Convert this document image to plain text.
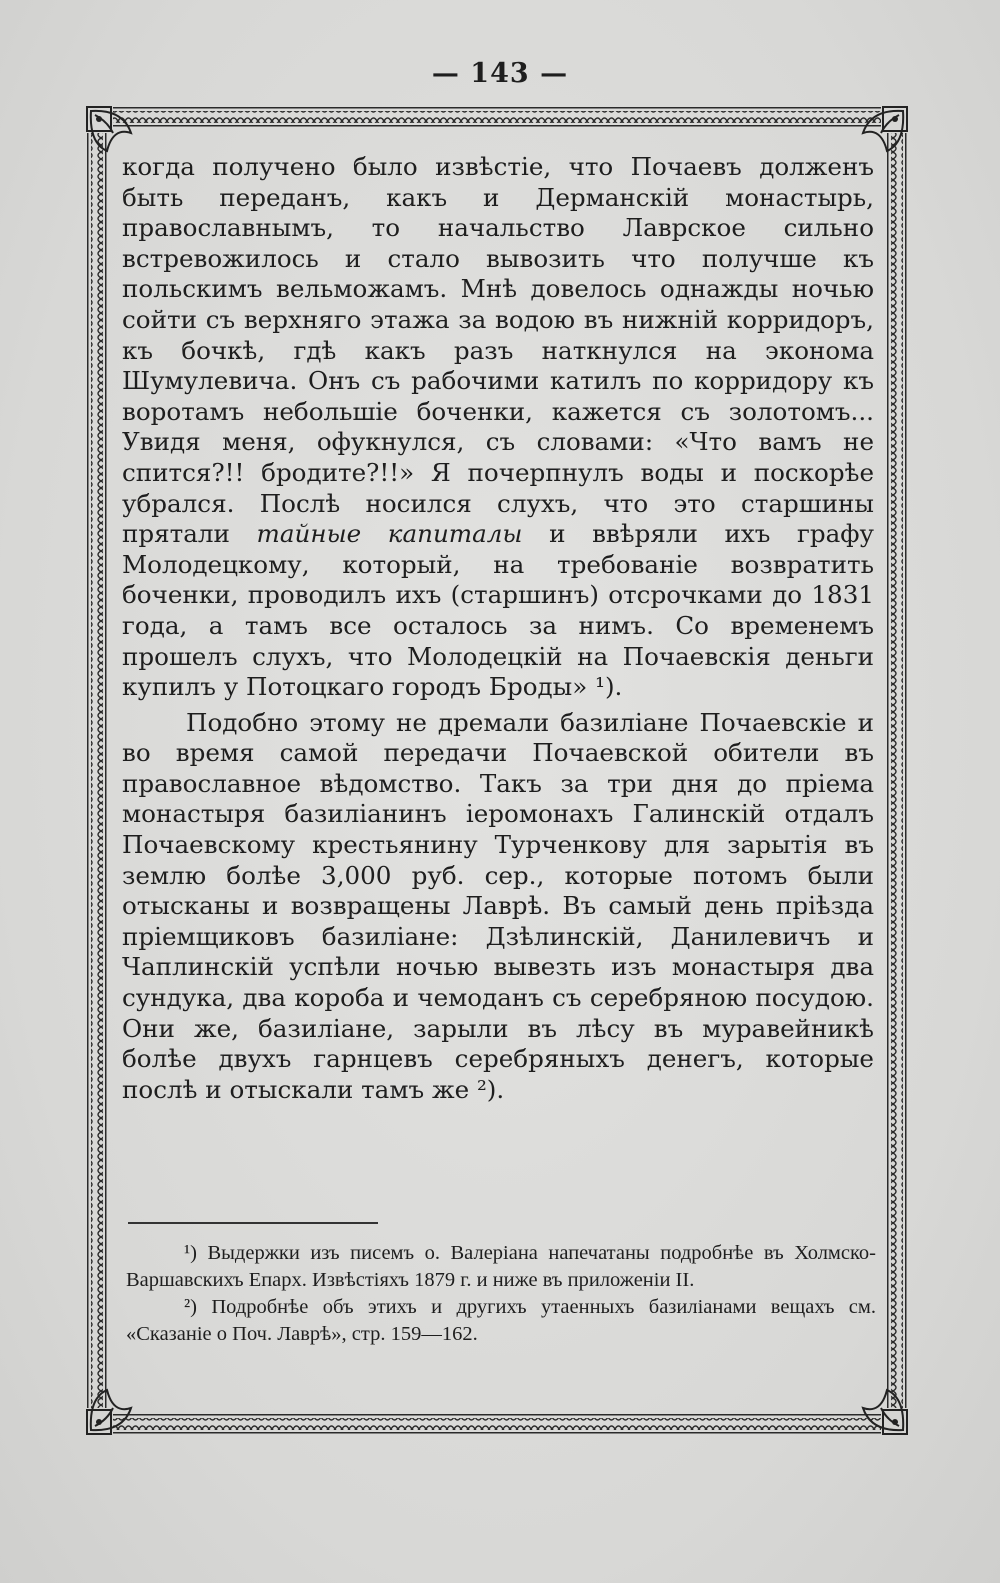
— 143 —

когда получено было извѣстіе, что Почаевъ долженъ быть переданъ, какъ и Дерманскій монастырь, православнымъ, то начальство Лаврское сильно встревожилось и стало вывозить что получше къ польскимъ вельможамъ. Мнѣ довелось однажды ночью сойти съ верхняго этажа за водою въ нижній корридоръ, къ бочкѣ, гдѣ какъ разъ наткнулся на эконома Шумулевича. Онъ съ рабочими катилъ по корридору къ воротамъ небольшіе боченки, кажется съ золотомъ... Увидя меня, офукнулся, съ словами: «Что вамъ не спится?!! бродите?!!» Я почерпнулъ воды и поскорѣе убрался. Послѣ носился слухъ, что это старшины прятали тайные капиталы и ввѣряли ихъ графу Молодецкому, который, на требованіе возвратить боченки, проводилъ ихъ (старшинъ) отсрочками до 1831 года, а тамъ все осталось за нимъ. Со временемъ прошелъ слухъ, что Молодецкій на Почаевскія деньги купилъ у Потоцкаго городъ Броды» ¹).

Подобно этому не дремали базиліане Почаевскіе и во время самой передачи Почаевской обители въ православное вѣдомство. Такъ за три дня до пріема монастыря базиліанинъ іеромонахъ Галинскій отдалъ Почаевскому крестьянину Турченкову для зарытія въ землю болѣе 3,000 руб. сер., которые потомъ были отысканы и возвращены Лаврѣ. Въ самый день пріѣзда пріемщиковъ базиліане: Дзѣлинскій, Данилевичъ и Чаплинскій успѣли ночью вывезть изъ монастыря два сундука, два короба и чемоданъ съ серебряною посудою. Они же, базиліане, зарыли въ лѣсу въ муравейникѣ болѣе двухъ гарнцевъ серебряныхъ денегъ, которые послѣ и отыскали тамъ же ²).

¹) Выдержки изъ писемъ о. Валеріана напечатаны подробнѣе въ Холмско-Варшавскихъ Епарх. Извѣстіяхъ 1879 г. и ниже въ приложеніи II.

²) Подробнѣе объ этихъ и другихъ утаенныхъ базиліанами вещахъ см. «Сказаніе о Поч. Лаврѣ», стр. 159—162.
